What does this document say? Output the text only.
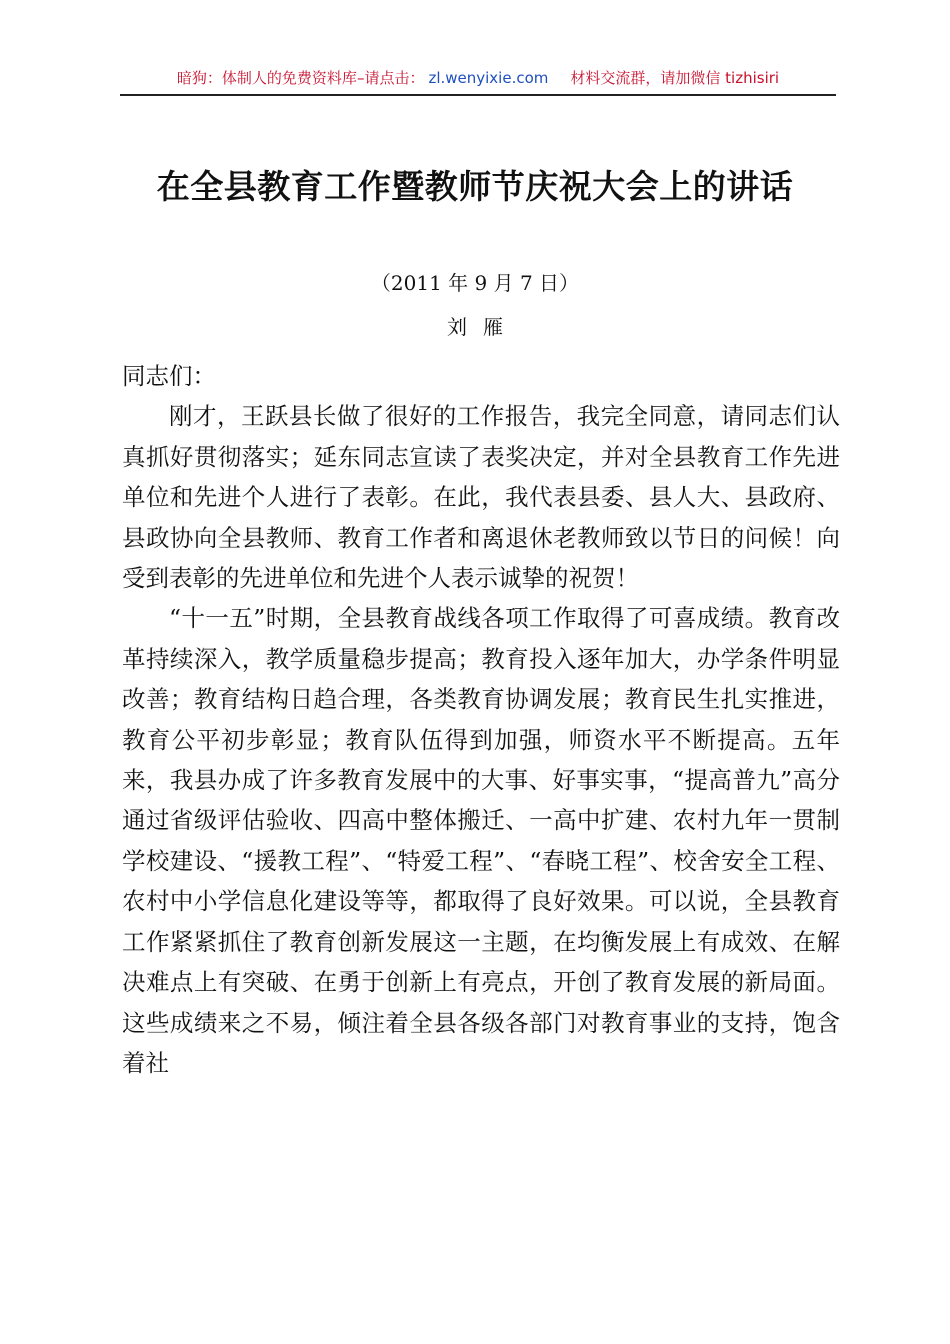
暗狗：体制人的免费资料库–请点击： zl.wenyixie.com 材料交流群，请加微信 tizhisiri
在全县教育工作暨教师节庆祝大会上的讲话
（2011 年 9 月 7 日）
刘雁

同志们：

刚才，王跃县长做了很好的工作报告，我完全同意，请同志们认真抓好贯彻落实；延东同志宣读了表奖决定，并对全县教育工作先进单位和先进个人进行了表彰。在此，我代表县委、县人大、县政府、县政协向全县教师、教育工作者和离退休老教师致以节日的问候！向受到表彰的先进单位和先进个人表示诚挚的祝贺！

“十一五”时期，全县教育战线各项工作取得了可喜成绩。教育改革持续深入，教学质量稳步提高；教育投入逐年加大，办学条件明显改善；教育结构日趋合理，各类教育协调发展；教育民生扎实推进，教育公平初步彰显；教育队伍得到加强，师资水平不断提高。五年来，我县办成了许多教育发展中的大事、好事实事，“提高普九”高分通过省级评估验收、四高中整体搬迁、一高中扩建、农村九年一贯制学校建设、“援教工程”、“特爱工程”、“春晓工程”、校舍安全工程、农村中小学信息化建设等等，都取得了良好效果。可以说，全县教育工作紧紧抓住了教育创新发展这一主题，在均衡发展上有成效、在解决难点上有突破、在勇于创新上有亮点，开创了教育发展的新局面。这些成绩来之不易，倾注着全县各级各部门对教育事业的支持，饱含着社
